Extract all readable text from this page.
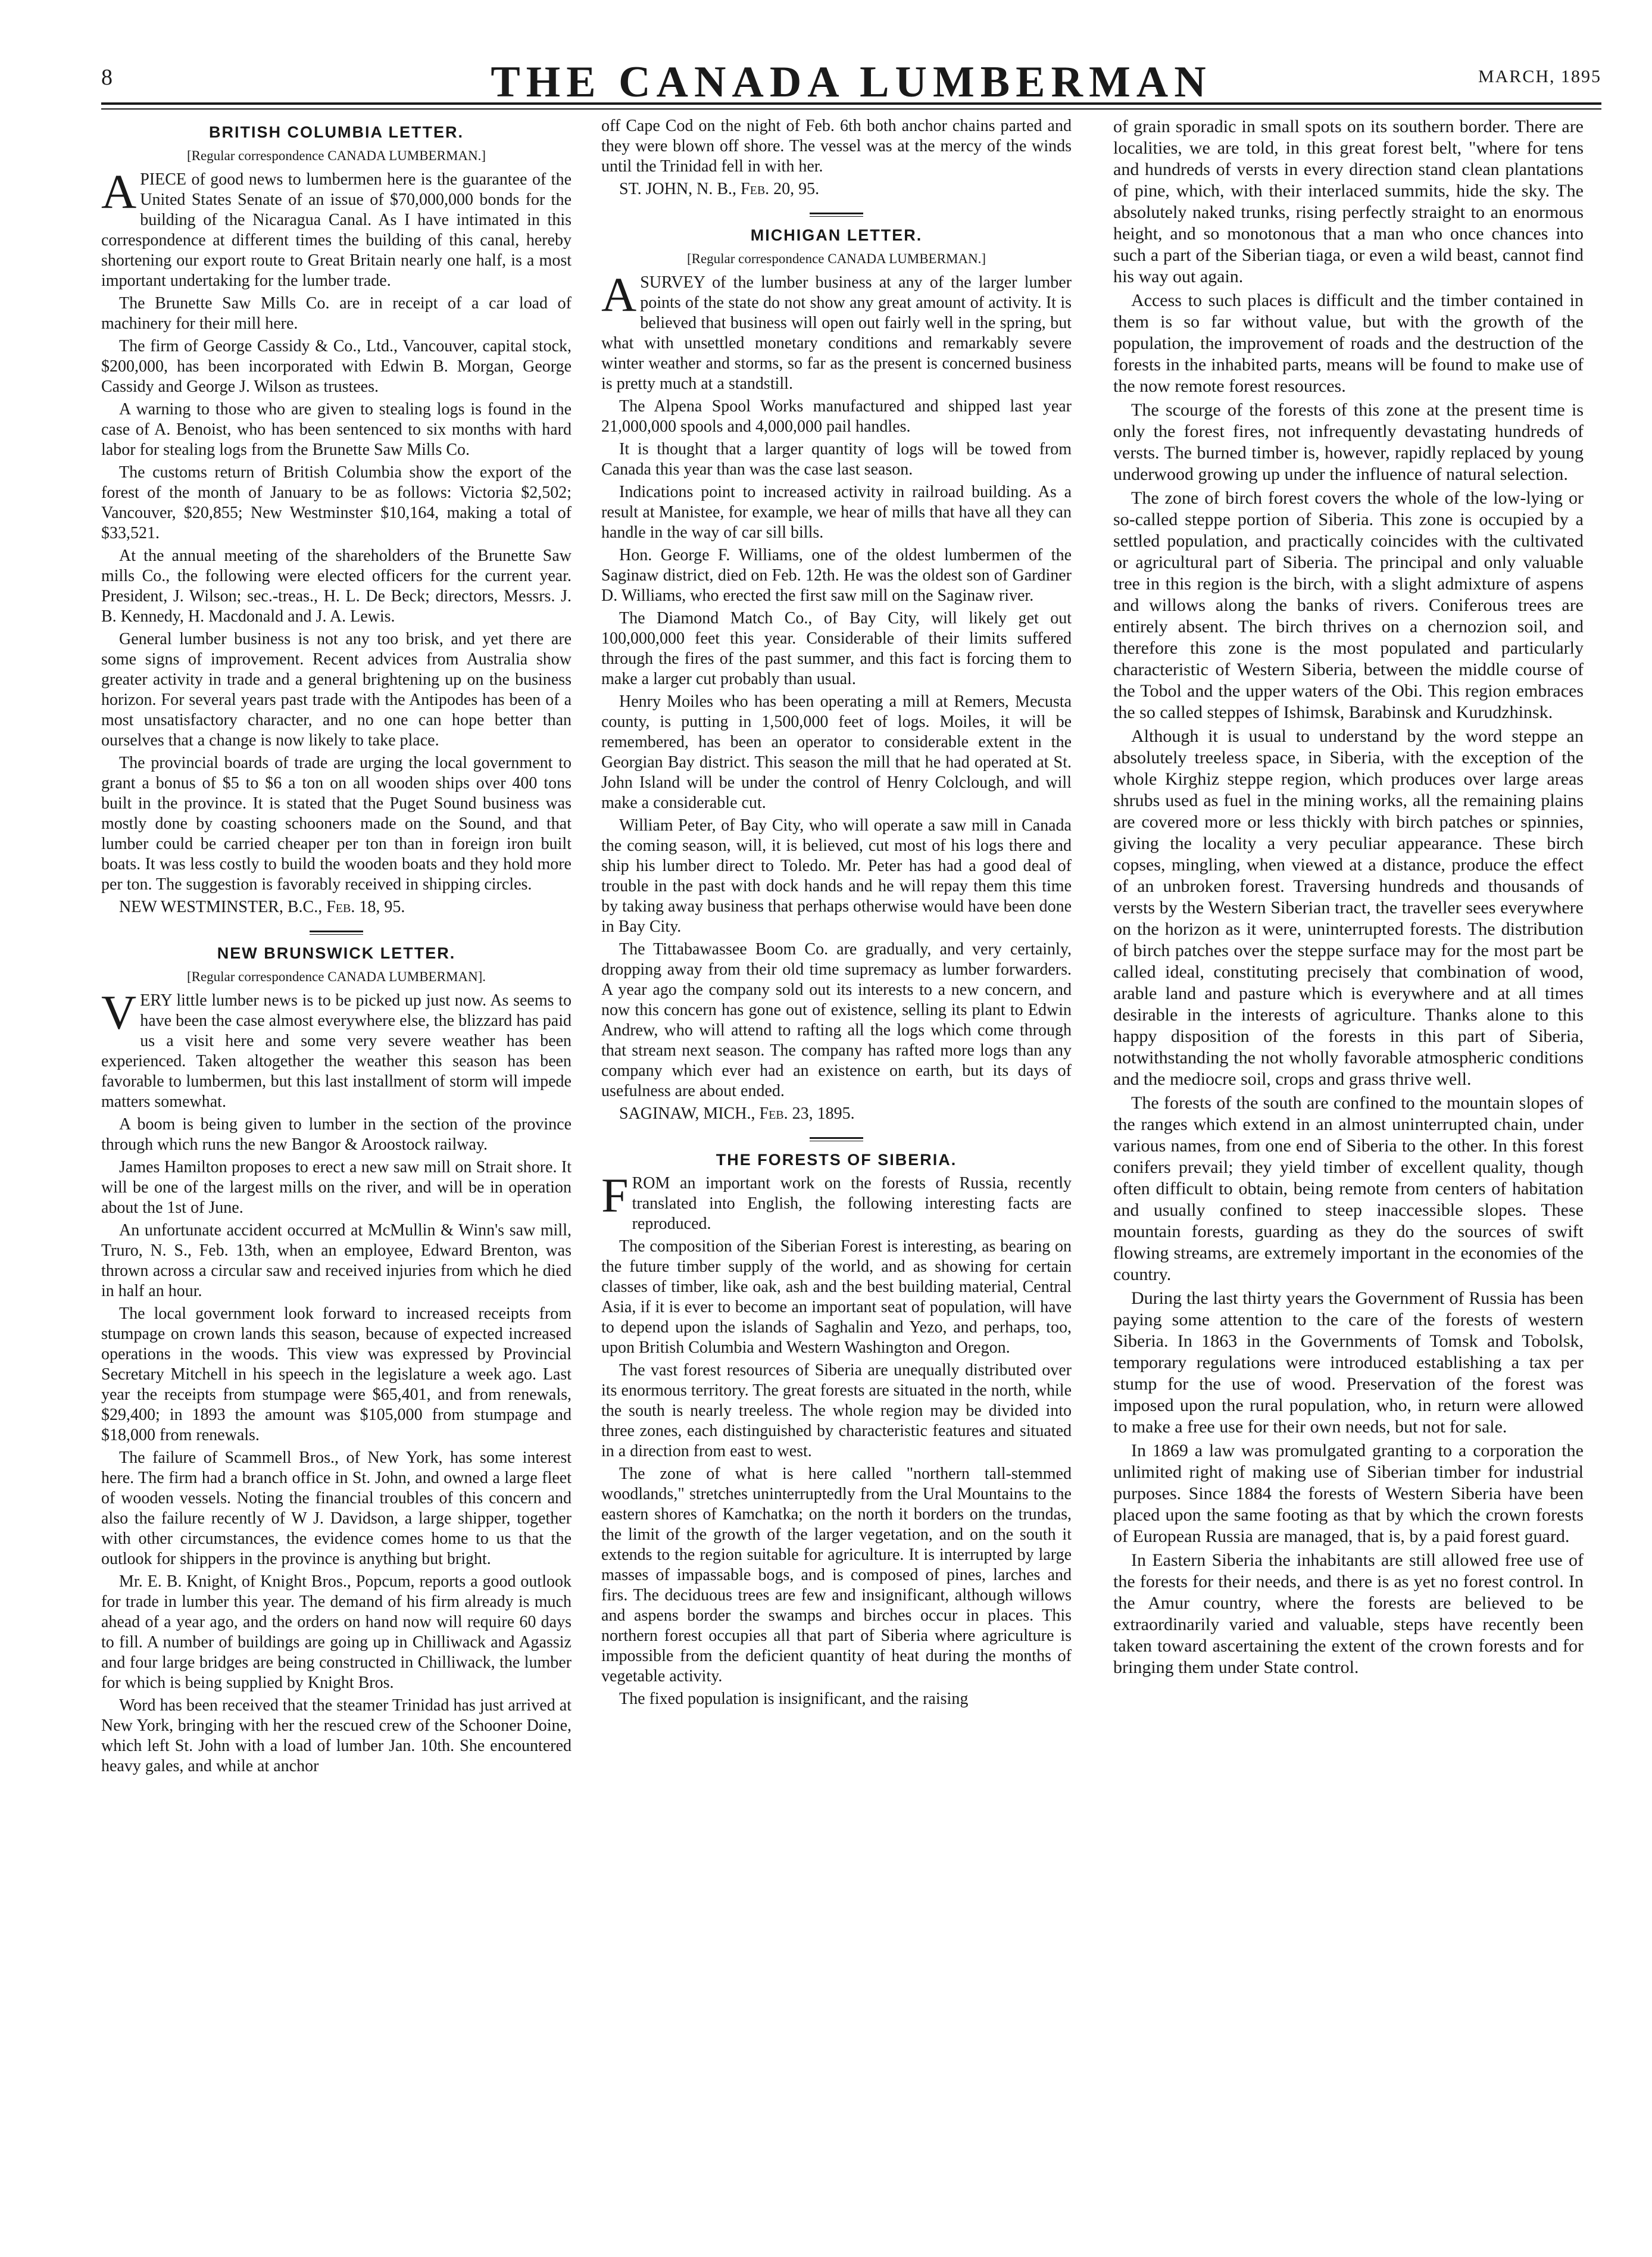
8	THE CANADA LUMBERMAN	MARCH, 1895
BRITISH COLUMBIA LETTER.
[Regular correspondence CANADA LUMBERMAN.]

APIECE of good news to lumbermen here is the guarantee of the United States Senate of an issue of $70,000,000 bonds for the building of the Nicaragua Canal. As I have intimated in this correspondence at different times the building of this canal, hereby shortening our export route to Great Britain nearly one half, is a most important undertaking for the lumber trade.

The Brunette Saw Mills Co. are in receipt of a car load of machinery for their mill here.

The firm of George Cassidy & Co., Ltd., Vancouver, capital stock, $200,000, has been incorporated with Edwin B. Morgan, George Cassidy and George J. Wilson as trustees.

A warning to those who are given to stealing logs is found in the case of A. Benoist, who has been sentenced to six months with hard labor for stealing logs from the Brunette Saw Mills Co.

The customs return of British Columbia show the export of the forest of the month of January to be as follows: Victoria $2,502; Vancouver, $20,855; New Westminster $10,164, making a total of $33,521.

At the annual meeting of the shareholders of the Brunette Saw mills Co., the following were elected officers for the current year. President, J. Wilson; sec.-treas., H. L. De Beck; directors, Messrs. J. B. Kennedy, H. Macdonald and J. A. Lewis.

General lumber business is not any too brisk, and yet there are some signs of improvement. Recent advices from Australia show greater activity in trade and a general brightening up on the business horizon. For several years past trade with the Antipodes has been of a most unsatisfactory character, and no one can hope better than ourselves that a change is now likely to take place.

The provincial boards of trade are urging the local government to grant a bonus of $5 to $6 a ton on all wooden ships over 400 tons built in the province. It is stated that the Puget Sound business was mostly done by coasting schooners made on the Sound, and that lumber could be carried cheaper per ton than in foreign iron built boats. It was less costly to build the wooden boats and they hold more per ton. The suggestion is favorably received in shipping circles.

NEW WESTMINSTER, B.C., Feb. 18, 95.

NEW BRUNSWICK LETTER.
[Regular correspondence CANADA LUMBERMAN].

VERY little lumber news is to be picked up just now. As seems to have been the case almost everywhere else, the blizzard has paid us a visit here and some very severe weather has been experienced. Taken altogether the weather this season has been favorable to lumbermen, but this last installment of storm will impede matters somewhat.

A boom is being given to lumber in the section of the province through which runs the new Bangor & Aroostock railway.

James Hamilton proposes to erect a new saw mill on Strait shore. It will be one of the largest mills on the river, and will be in operation about the 1st of June.

An unfortunate accident occurred at McMullin & Winn's saw mill, Truro, N. S., Feb. 13th, when an employee, Edward Brenton, was thrown across a circular saw and received injuries from which he died in half an hour.

The local government look forward to increased receipts from stumpage on crown lands this season, because of expected increased operations in the woods. This view was expressed by Provincial Secretary Mitchell in his speech in the legislature a week ago. Last year the receipts from stumpage were $65,401, and from renewals, $29,400; in 1893 the amount was $105,000 from stumpage and $18,000 from renewals.

The failure of Scammell Bros., of New York, has some interest here. The firm had a branch office in St. John, and owned a large fleet of wooden vessels. Noting the financial troubles of this concern and also the failure recently of W J. Davidson, a large shipper, together with other circumstances, the evidence comes home to us that the outlook for shippers in the province is anything but bright.

Mr. E. B. Knight, of Knight Bros., Popcum, reports a good outlook for trade in lumber this year. The demand of his firm already is much ahead of a year ago, and the orders on hand now will require 60 days to fill. A number of buildings are going up in Chilliwack and Agassiz and four large bridges are being constructed in Chilliwack, the lumber for which is being supplied by Knight Bros.

Word has been received that the steamer Trinidad has just arrived at New York, bringing with her the rescued crew of the Schooner Doine, which left St. John with a load of lumber Jan. 10th. She encountered heavy gales, and while at anchor

off Cape Cod on the night of Feb. 6th both anchor chains parted and they were blown off shore. The vessel was at the mercy of the winds until the Trinidad fell in with her.

ST. JOHN, N. B., Feb. 20, 95.

MICHIGAN LETTER.
[Regular correspondence CANADA LUMBERMAN.]

ASURVEY of the lumber business at any of the larger lumber points of the state do not show any great amount of activity. It is believed that business will open out fairly well in the spring, but what with unsettled monetary conditions and remarkably severe winter weather and storms, so far as the present is concerned business is pretty much at a standstill.

The Alpena Spool Works manufactured and shipped last year 21,000,000 spools and 4,000,000 pail handles.

It is thought that a larger quantity of logs will be towed from Canada this year than was the case last season.

Indications point to increased activity in railroad building. As a result at Manistee, for example, we hear of mills that have all they can handle in the way of car sill bills.

Hon. George F. Williams, one of the oldest lumbermen of the Saginaw district, died on Feb. 12th. He was the oldest son of Gardiner D. Williams, who erected the first saw mill on the Saginaw river.

The Diamond Match Co., of Bay City, will likely get out 100,000,000 feet this year. Considerable of their limits suffered through the fires of the past summer, and this fact is forcing them to make a larger cut probably than usual.

Henry Moiles who has been operating a mill at Remers, Mecusta county, is putting in 1,500,000 feet of logs. Moiles, it will be remembered, has been an operator to considerable extent in the Georgian Bay district. This season the mill that he had operated at St. John Island will be under the control of Henry Colclough, and will make a considerable cut.

William Peter, of Bay City, who will operate a saw mill in Canada the coming season, will, it is believed, cut most of his logs there and ship his lumber direct to Toledo. Mr. Peter has had a good deal of trouble in the past with dock hands and he will repay them this time by taking away business that perhaps otherwise would have been done in Bay City.

The Tittabawassee Boom Co. are gradually, and very certainly, dropping away from their old time supremacy as lumber forwarders. A year ago the company sold out its interests to a new concern, and now this concern has gone out of existence, selling its plant to Edwin Andrew, who will attend to rafting all the logs which come through that stream next season. The company has rafted more logs than any company which ever had an existence on earth, but its days of usefulness are about ended.

SAGINAW, MICH., Feb. 23, 1895.

THE FORESTS OF SIBERIA.

FROM an important work on the forests of Russia, recently translated into English, the following interesting facts are reproduced.

The composition of the Siberian Forest is interesting, as bearing on the future timber supply of the world, and as showing for certain classes of timber, like oak, ash and the best building material, Central Asia, if it is ever to become an important seat of population, will have to depend upon the islands of Saghalin and Yezo, and perhaps, too, upon British Columbia and Western Washington and Oregon.

The vast forest resources of Siberia are unequally distributed over its enormous territory. The great forests are situated in the north, while the south is nearly treeless. The whole region may be divided into three zones, each distinguished by characteristic features and situated in a direction from east to west.

The zone of what is here called "northern tall-stemmed woodlands," stretches uninterruptedly from the Ural Mountains to the eastern shores of Kamchatka; on the north it borders on the trundas, the limit of the growth of the larger vegetation, and on the south it extends to the region suitable for agriculture. It is interrupted by large masses of impassable bogs, and is composed of pines, larches and firs. The deciduous trees are few and insignificant, although willows and aspens border the swamps and birches occur in places. This northern forest occupies all that part of Siberia where agriculture is impossible from the deficient quantity of heat during the months of vegetable activity.

The fixed population is insignificant, and the raising

of grain sporadic in small spots on its southern border. There are localities, we are told, in this great forest belt, "where for tens and hundreds of versts in every direction stand clean plantations of pine, which, with their interlaced summits, hide the sky. The absolutely naked trunks, rising perfectly straight to an enormous height, and so monotonous that a man who once chances into such a part of the Siberian tiaga, or even a wild beast, cannot find his way out again.

Access to such places is difficult and the timber contained in them is so far without value, but with the growth of the population, the improvement of roads and the destruction of the forests in the inhabited parts, means will be found to make use of the now remote forest resources.

The scourge of the forests of this zone at the present time is only the forest fires, not infrequently devastating hundreds of versts. The burned timber is, however, rapidly replaced by young underwood growing up under the influence of natural selection.

The zone of birch forest covers the whole of the low-lying or so-called steppe portion of Siberia. This zone is occupied by a settled population, and practically coincides with the cultivated or agricultural part of Siberia. The principal and only valuable tree in this region is the birch, with a slight admixture of aspens and willows along the banks of rivers. Coniferous trees are entirely absent. The birch thrives on a chernozion soil, and therefore this zone is the most populated and particularly characteristic of Western Siberia, between the middle course of the Tobol and the upper waters of the Obi. This region embraces the so called steppes of Ishimsk, Barabinsk and Kurudzhinsk.

Although it is usual to understand by the word steppe an absolutely treeless space, in Siberia, with the exception of the whole Kirghiz steppe region, which produces over large areas shrubs used as fuel in the mining works, all the remaining plains are covered more or less thickly with birch patches or spinnies, giving the locality a very peculiar appearance. These birch copses, mingling, when viewed at a distance, produce the effect of an unbroken forest. Traversing hundreds and thousands of versts by the Western Siberian tract, the traveller sees everywhere on the horizon as it were, uninterrupted forests. The distribution of birch patches over the steppe surface may for the most part be called ideal, constituting precisely that combination of wood, arable land and pasture which is everywhere and at all times desirable in the interests of agriculture. Thanks alone to this happy disposition of the forests in this part of Siberia, notwithstanding the not wholly favorable atmospheric conditions and the mediocre soil, crops and grass thrive well.

The forests of the south are confined to the mountain slopes of the ranges which extend in an almost uninterrupted chain, under various names, from one end of Siberia to the other. In this forest conifers prevail; they yield timber of excellent quality, though often difficult to obtain, being remote from centers of habitation and usually confined to steep inaccessible slopes. These mountain forests, guarding as they do the sources of swift flowing streams, are extremely important in the economies of the country.

During the last thirty years the Government of Russia has been paying some attention to the care of the forests of western Siberia. In 1863 in the Governments of Tomsk and Tobolsk, temporary regulations were introduced establishing a tax per stump for the use of wood. Preservation of the forest was imposed upon the rural population, who, in return were allowed to make a free use for their own needs, but not for sale.

In 1869 a law was promulgated granting to a corporation the unlimited right of making use of Siberian timber for industrial purposes. Since 1884 the forests of Western Siberia have been placed upon the same footing as that by which the crown forests of European Russia are managed, that is, by a paid forest guard.

In Eastern Siberia the inhabitants are still allowed free use of the forests for their needs, and there is as yet no forest control. In the Amur country, where the forests are believed to be extraordinarily varied and valuable, steps have recently been taken toward ascertaining the extent of the crown forests and for bringing them under State control.
